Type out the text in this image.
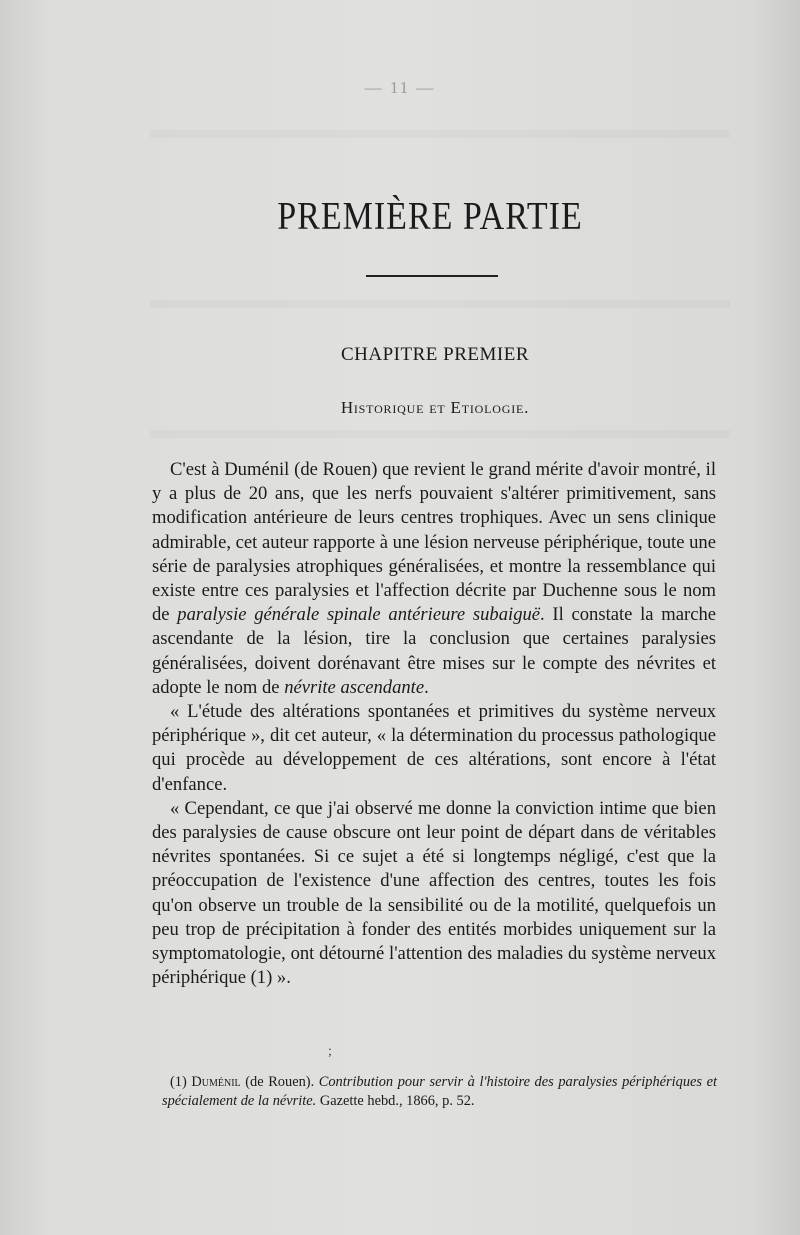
— 11 —
PREMIÈRE PARTIE
CHAPITRE PREMIER
Historique et Etiologie.

C'est à Duménil (de Rouen) que revient le grand mérite d'avoir montré, il y a plus de 20 ans, que les nerfs pouvaient s'altérer primitivement, sans modification antérieure de leurs centres trophiques. Avec un sens clinique admirable, cet auteur rapporte à une lésion nerveuse périphérique, toute une série de paralysies atrophiques généralisées, et montre la ressemblance qui existe entre ces paralysies et l'affection décrite par Duchenne sous le nom de paralysie générale spinale antérieure subaiguë. Il constate la marche ascendante de la lésion, tire la conclusion que certaines paralysies généralisées, doivent dorénavant être mises sur le compte des névrites et adopte le nom de névrite ascendante.

« L'étude des altérations spontanées et primitives du système nerveux périphérique », dit cet auteur, « la détermination du processus pathologique qui procède au développement de ces altérations, sont encore à l'état d'enfance.

« Cependant, ce que j'ai observé me donne la conviction intime que bien des paralysies de cause obscure ont leur point de départ dans de véritables névrites spontanées. Si ce sujet a été si longtemps négligé, c'est que la préoccupation de l'existence d'une affection des centres, toutes les fois qu'on observe un trouble de la sensibilité ou de la motilité, quelquefois un peu trop de précipitation à fonder des entités morbides uniquement sur la symptomatologie, ont détourné l'attention des maladies du système nerveux périphérique (1) ».

;
(1) Duménil (de Rouen). Contribution pour servir à l'histoire des paralysies périphériques et spécialement de la névrite. Gazette hebd., 1866, p. 52.
